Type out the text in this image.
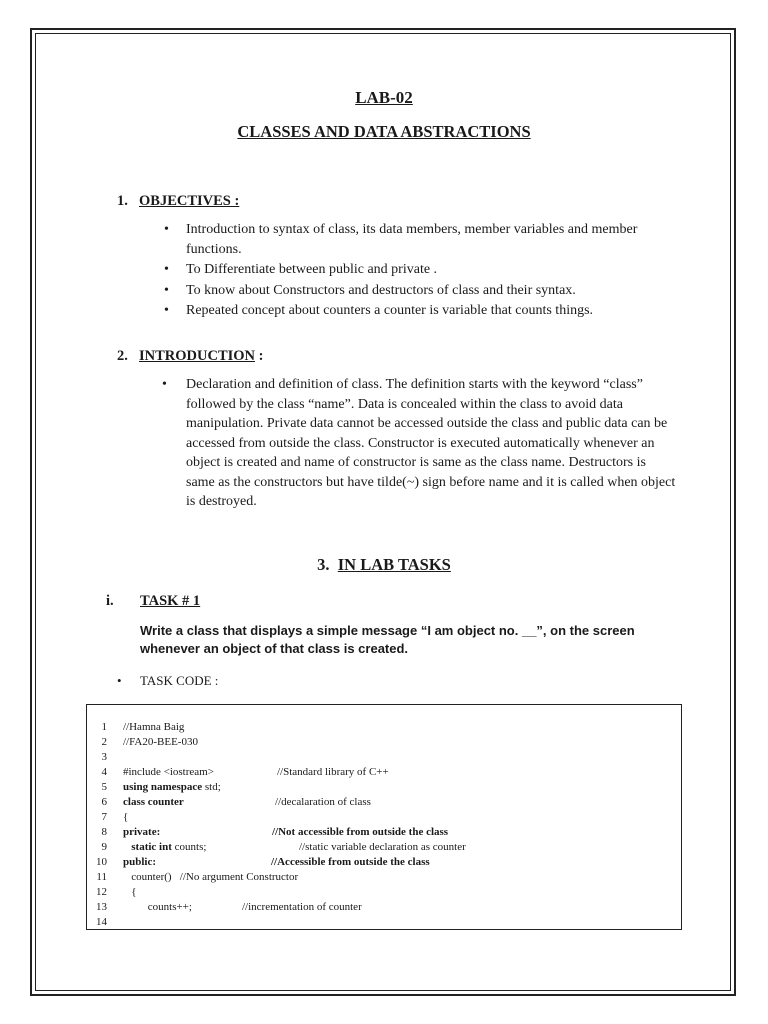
LAB-02
CLASSES AND DATA ABSTRACTIONS
1. OBJECTIVES :
• Introduction to syntax of class, its data members, member variables and member functions.
• To Differentiate between public and private .
• To know about Constructors and destructors of class and their syntax.
• Repeated concept about counters a counter is variable that counts things.
2. INTRODUCTION :
• Declaration and definition of class. The definition starts with the keyword “class” followed by the class “name”. Data is concealed within the class to avoid data manipulation. Private data cannot be accessed outside the class and public data can be accessed from outside the class. Constructor is executed automatically whenever an object is created and name of constructor is same as the class name. Destructors is same as the constructors but have tilde(~) sign before name and it is called when object is destroyed.
3. IN LAB TASKS
i. TASK # 1
Write a class that displays a simple message “I am object no. __”, on the screen whenever an object of that class is created.
• TASK CODE :
1 //Hamna Baig
2 //FA20-BEE-030
3
4 #include <iostream>	//Standard library of C++
5 using namespace std;
6 class counter	//decalaration of class
7 {
8 private:	//Not accessible from outside the class
9	static int counts;	//static variable declaration as counter
10 public:	//Accessible from outside the class
11	counter()   //No argument Constructor
12	{
13	counts++;	//incrementation of counter
14
